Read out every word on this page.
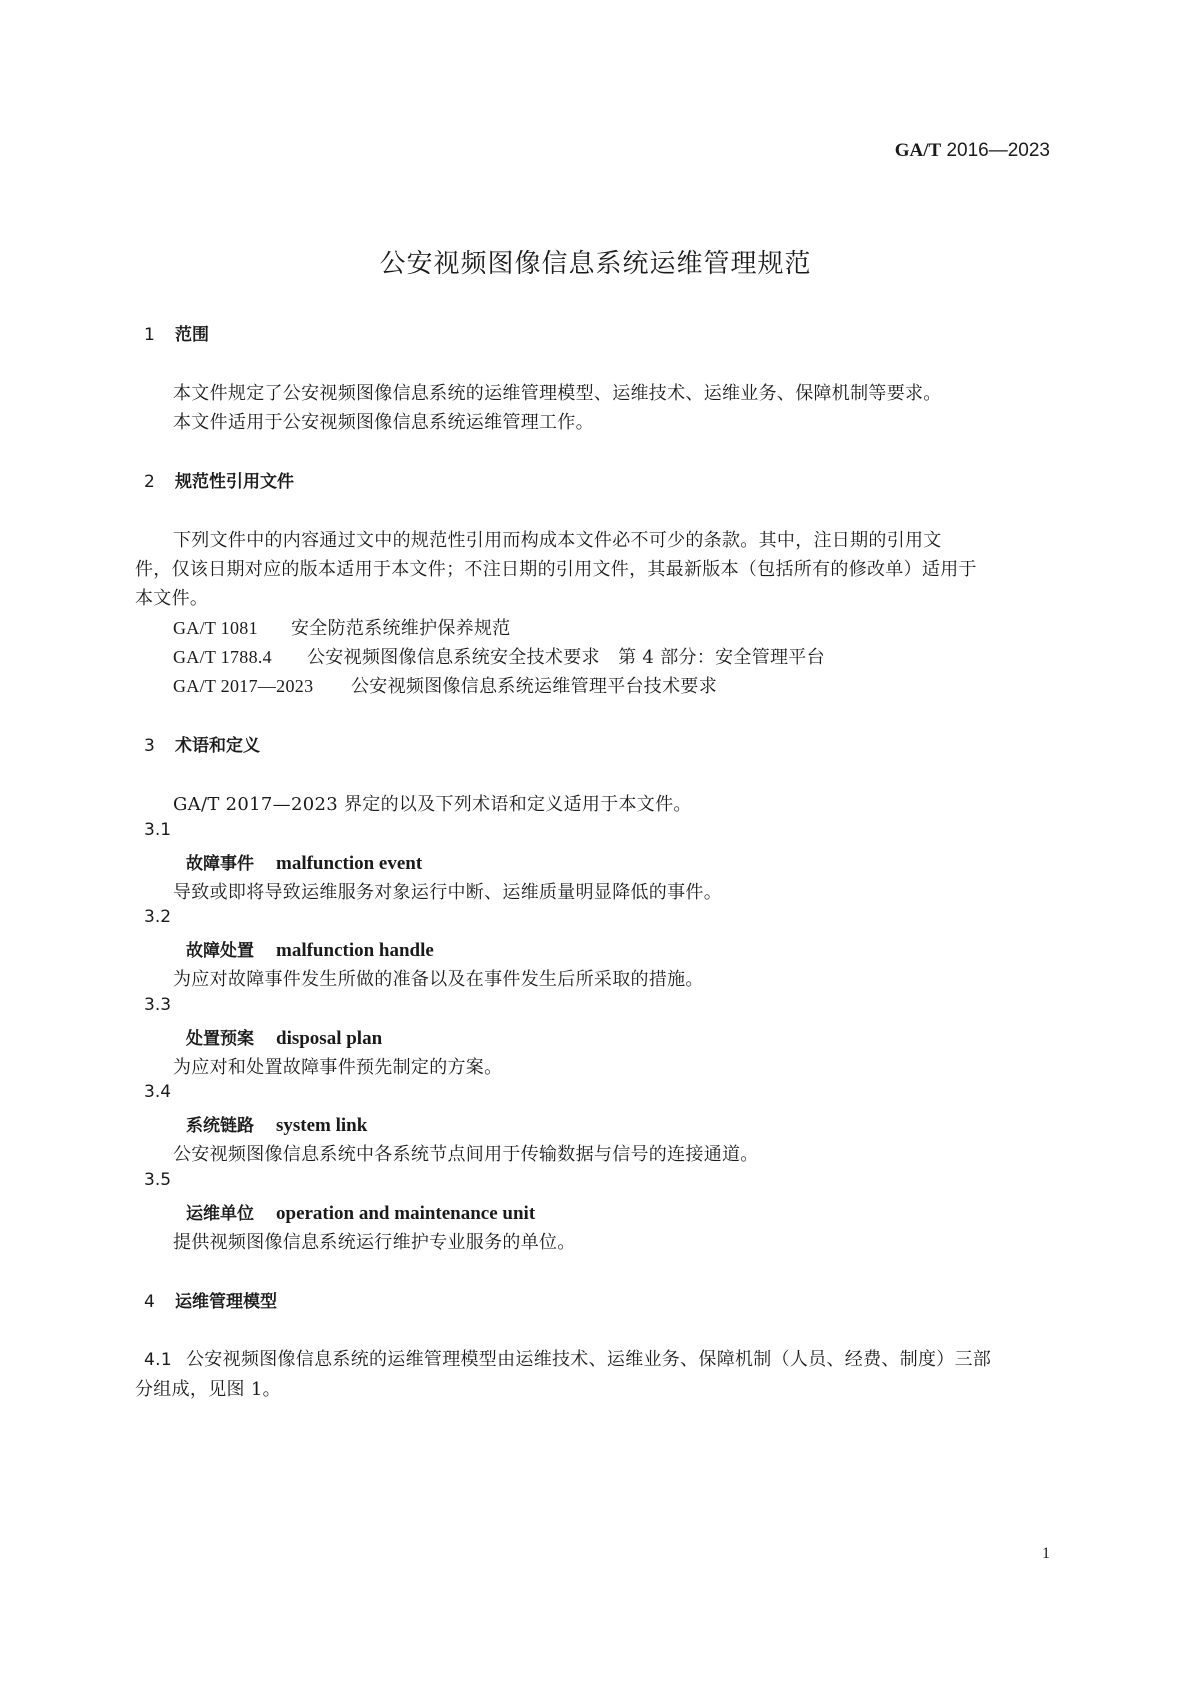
GA/T 2016—2023
公安视频图像信息系统运维管理规范
1 范围
本文件规定了公安视频图像信息系统的运维管理模型、运维技术、运维业务、保障机制等要求。
本文件适用于公安视频图像信息系统运维管理工作。
2 规范性引用文件
下列文件中的内容通过文中的规范性引用而构成本文件必不可少的条款。其中，注日期的引用文
件，仅该日期对应的版本适用于本文件；不注日期的引用文件，其最新版本（包括所有的修改单）适用于
本文件。
GA/T 1081 安全防范系统维护保养规范
GA/T 1788.4 公安视频图像信息系统安全技术要求　第 4 部分：安全管理平台
GA/T 2017—2023 公安视频图像信息系统运维管理平台技术要求
3 术语和定义
GA/T 2017—2023 界定的以及下列术语和定义适用于本文件。
3.1
故障事件 malfunction event
导致或即将导致运维服务对象运行中断、运维质量明显降低的事件。
3.2
故障处置 malfunction handle
为应对故障事件发生所做的准备以及在事件发生后所采取的措施。
3.3
处置预案 disposal plan
为应对和处置故障事件预先制定的方案。
3.4
系统链路 system link
公安视频图像信息系统中各系统节点间用于传输数据与信号的连接通道。
3.5
运维单位 operation and maintenance unit
提供视频图像信息系统运行维护专业服务的单位。
4 运维管理模型
4.1 公安视频图像信息系统的运维管理模型由运维技术、运维业务、保障机制（人员、经费、制度）三部
分组成，见图 1。
1
